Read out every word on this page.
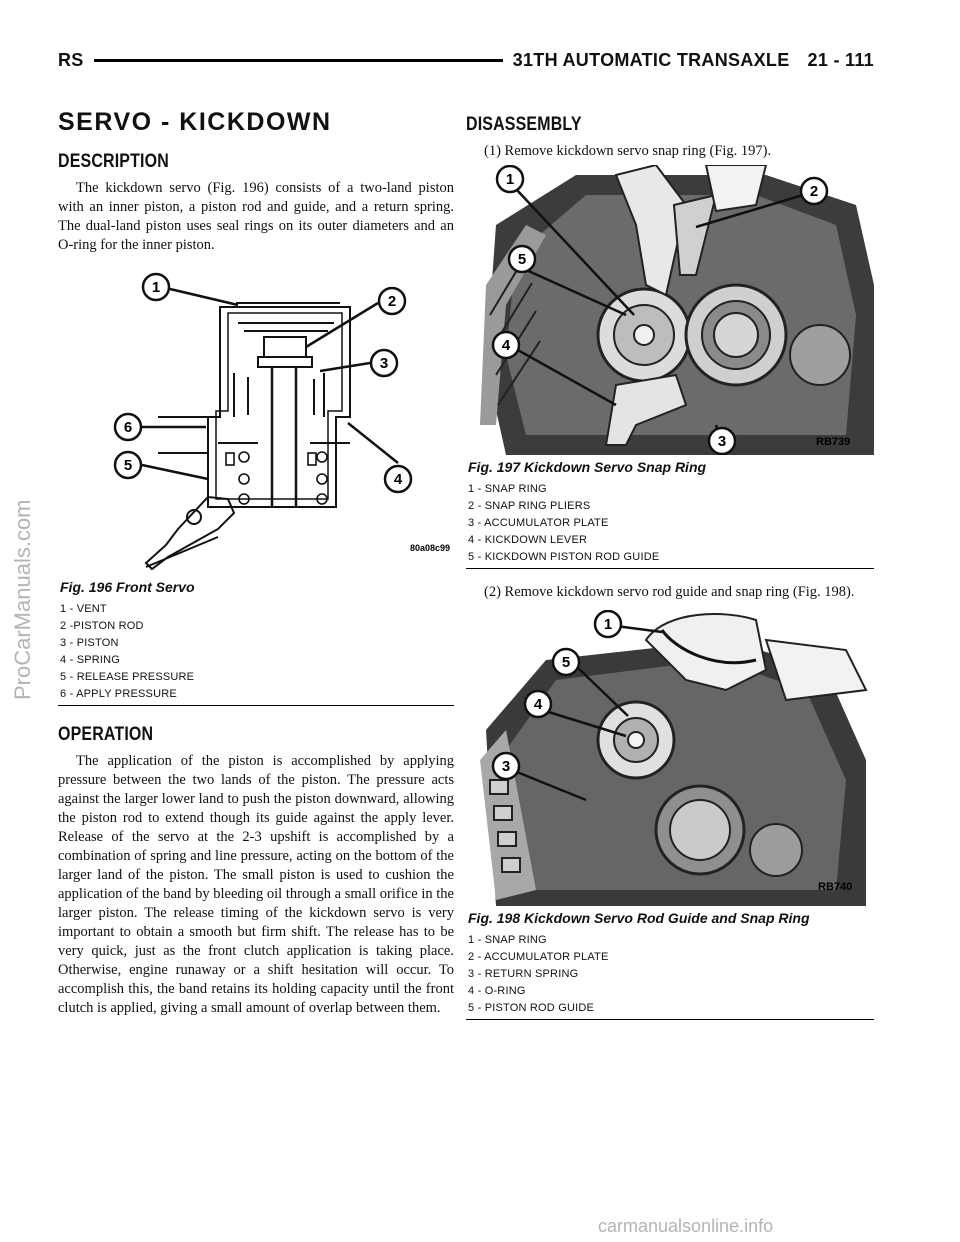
RS	31TH AUTOMATIC TRANSAXLE 21 - 111
SERVO - KICKDOWN
DESCRIPTION

The kickdown servo (Fig. 196) consists of a two-land piston with an inner piston, a piston rod and guide, and a return spring. The dual-land piston uses seal rings on its outer diameters and an O-ring for the inner piston.

1
2
3
4
5
6
80a08c99
Fig. 196 Front Servo
1 - VENT
2 -PISTON ROD
3 - PISTON
4 - SPRING
5 - RELEASE PRESSURE
6 - APPLY PRESSURE
OPERATION

The application of the piston is accomplished by applying pressure between the two lands of the piston. The pressure acts against the larger lower land to push the piston downward, allowing the piston rod to extend though its guide against the apply lever. Release of the servo at the 2-3 upshift is accomplished by a combination of spring and line pressure, acting on the bottom of the larger land of the piston. The small piston is used to cushion the application of the band by bleeding oil through a small orifice in the larger piston. The release timing of the kickdown servo is very important to obtain a smooth but firm shift. The release has to be very quick, just as the front clutch application is taking place. Otherwise, engine runaway or a shift hesitation will occur. To accomplish this, the band retains its holding capacity until the front clutch is applied, giving a small amount of overlap between them.

DISASSEMBLY

(1) Remove kickdown servo snap ring (Fig. 197).

1
2
3
4
5
RB739
Fig. 197 Kickdown Servo Snap Ring
1 - SNAP RING
2 - SNAP RING PLIERS
3 - ACCUMULATOR PLATE
4 - KICKDOWN LEVER
5 - KICKDOWN PISTON ROD GUIDE

(2) Remove kickdown servo rod guide and snap ring (Fig. 198).

1
5
4
3
RB740
Fig. 198 Kickdown Servo Rod Guide and Snap Ring
1 - SNAP RING
2 - ACCUMULATOR PLATE
3 - RETURN SPRING
4 - O-RING
5 - PISTON ROD GUIDE
ProCarManuals.com
carmanualsonline.info
